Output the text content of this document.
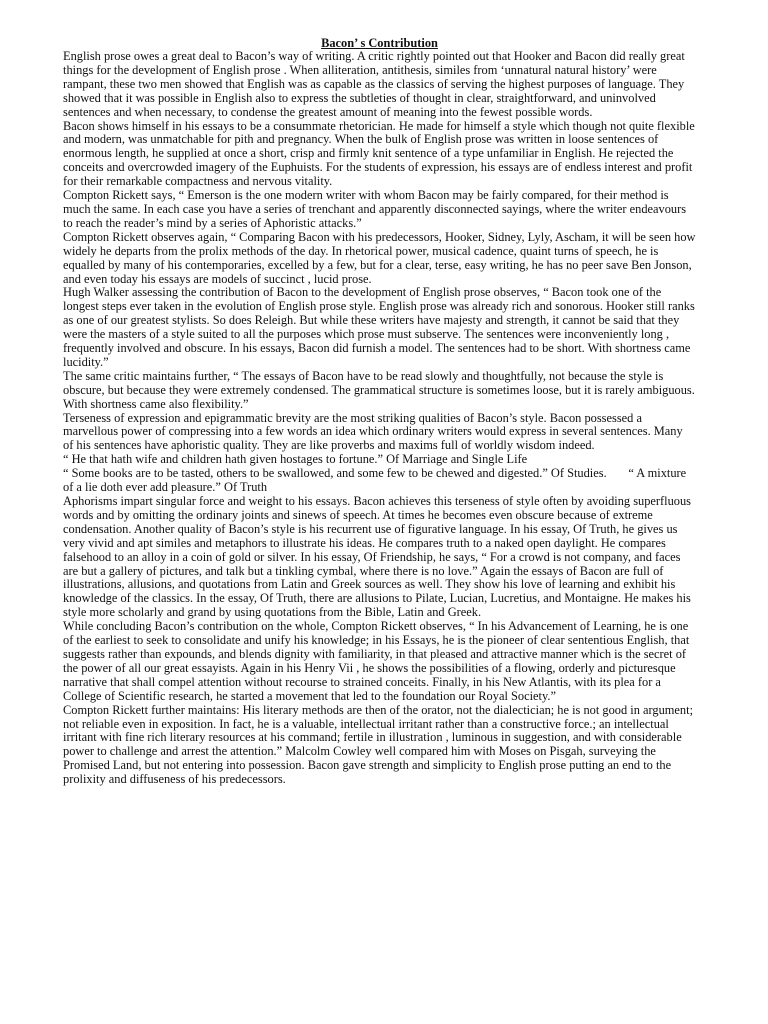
Bacon’ s Contribution

English prose owes a great deal to Bacon’s way of writing. A critic rightly pointed out that Hooker and Bacon did really great things for the development of English prose . When alliteration, antithesis, similes from ‘unnatural natural history’ were rampant, these two men showed that English was as capable as the classics of serving the highest purposes of language. They showed that it was possible in English also to express the subtleties of thought in clear, straightforward, and uninvolved sentences and when necessary, to condense the greatest amount of meaning into the fewest possible words.

Bacon shows himself in his essays to be a consummate rhetorician. He made for himself a style which though not quite flexible and modern, was unmatchable for pith and pregnancy. When the bulk of English prose was written in loose sentences of enormous length, he supplied at once a short, crisp and firmly knit sentence of a type unfamiliar in English. He rejected the conceits and overcrowded imagery of the Euphuists. For the students of expression, his essays are of endless interest and profit for their remarkable compactness and nervous vitality.

Compton Rickett says, “ Emerson is the one modern writer with whom Bacon may be fairly compared, for their method is much the same. In each case you have a series of trenchant and apparently disconnected sayings, where the writer endeavours to reach the reader’s mind by a series of Aphoristic attacks.”

Compton Rickett observes again, “ Comparing Bacon with his predecessors, Hooker, Sidney, Lyly, Ascham, it will be seen how widely he departs from the prolix methods of the day. In rhetorical power, musical cadence, quaint turns of speech, he is equalled by many of his contemporaries, excelled by a few, but for a clear, terse, easy writing, he has no peer save Ben Jonson, and even today his essays are models of succinct , lucid prose.

Hugh Walker assessing the contribution of Bacon to the development of English prose observes, “ Bacon took one of the longest steps ever taken in the evolution of English prose style. English prose was already rich and sonorous. Hooker still ranks as one of our greatest stylists. So does Releigh. But while these writers have majesty and strength, it cannot be said that they were the masters of a style suited to all the purposes which prose must subserve. The sentences were inconveniently long , frequently involved and obscure. In his essays, Bacon did furnish a model. The sentences had to be short. With shortness came lucidity.”

The same critic maintains further, “ The essays of Bacon have to be read slowly and thoughtfully, not because the style is obscure, but because they were extremely condensed. The grammatical structure is sometimes loose, but it is rarely ambiguous. With shortness came also flexibility.”

Terseness of expression and epigrammatic brevity are the most striking qualities of Bacon’s style. Bacon possessed a marvellous power of compressing into a few words an idea which ordinary writers would express in several sentences. Many of his sentences have aphoristic quality. They are like proverbs and maxims full of worldly wisdom indeed.

“ He that hath wife and children hath given hostages to fortune.” Of Marriage and Single Life

“ Some books are to be tasted, others to be swallowed, and some few to be chewed and digested.” Of Studies.       “ A mixture of a lie doth ever add pleasure.” Of Truth

Aphorisms impart singular force and weight to his essays. Bacon achieves this terseness of style often by avoiding superfluous words and by omitting the ordinary joints and sinews of speech. At times he becomes even obscure because of extreme condensation. Another quality of Bacon’s style is his recurrent use of figurative language. In his essay, Of Truth, he gives us very vivid and apt similes and metaphors to illustrate his ideas. He compares truth to a naked open daylight. He compares falsehood to an alloy in a coin of gold or silver. In his essay, Of Friendship, he says, “ For a crowd is not company, and faces are but a gallery of pictures, and talk but a tinkling cymbal, where there is no love.” Again the essays of Bacon are full of illustrations, allusions, and quotations from Latin and Greek sources as well. They show his love of learning and exhibit his knowledge of the classics. In the essay, Of Truth, there are allusions to Pilate, Lucian, Lucretius, and Montaigne. He makes his style more scholarly and grand by using quotations from the Bible, Latin and Greek.

While concluding Bacon’s contribution on the whole, Compton Rickett observes, “ In his Advancement of Learning, he is one of the earliest to seek to consolidate and unify his knowledge; in his Essays, he is the pioneer of clear sententious English, that suggests rather than expounds, and blends dignity with familiarity, in that pleased and attractive manner which is the secret of the power of all our great essayists. Again in his Henry Vii , he shows the possibilities of a flowing, orderly and picturesque narrative that shall compel attention without recourse to strained conceits. Finally, in his New Atlantis, with its plea for a College of Scientific research, he started a movement that led to the foundation our Royal Society.”

Compton Rickett further maintains: His literary methods are then of the orator, not the dialectician; he is not good in argument; not reliable even in exposition. In fact, he is a valuable, intellectual irritant rather than a constructive force.; an intellectual irritant with fine rich literary resources at his command; fertile in illustration , luminous in suggestion, and with considerable power to challenge and arrest the attention.” Malcolm Cowley well compared him with Moses on Pisgah, surveying the Promised Land, but not entering into possession. Bacon gave strength and simplicity to English prose putting an end to the prolixity and diffuseness of his predecessors.
